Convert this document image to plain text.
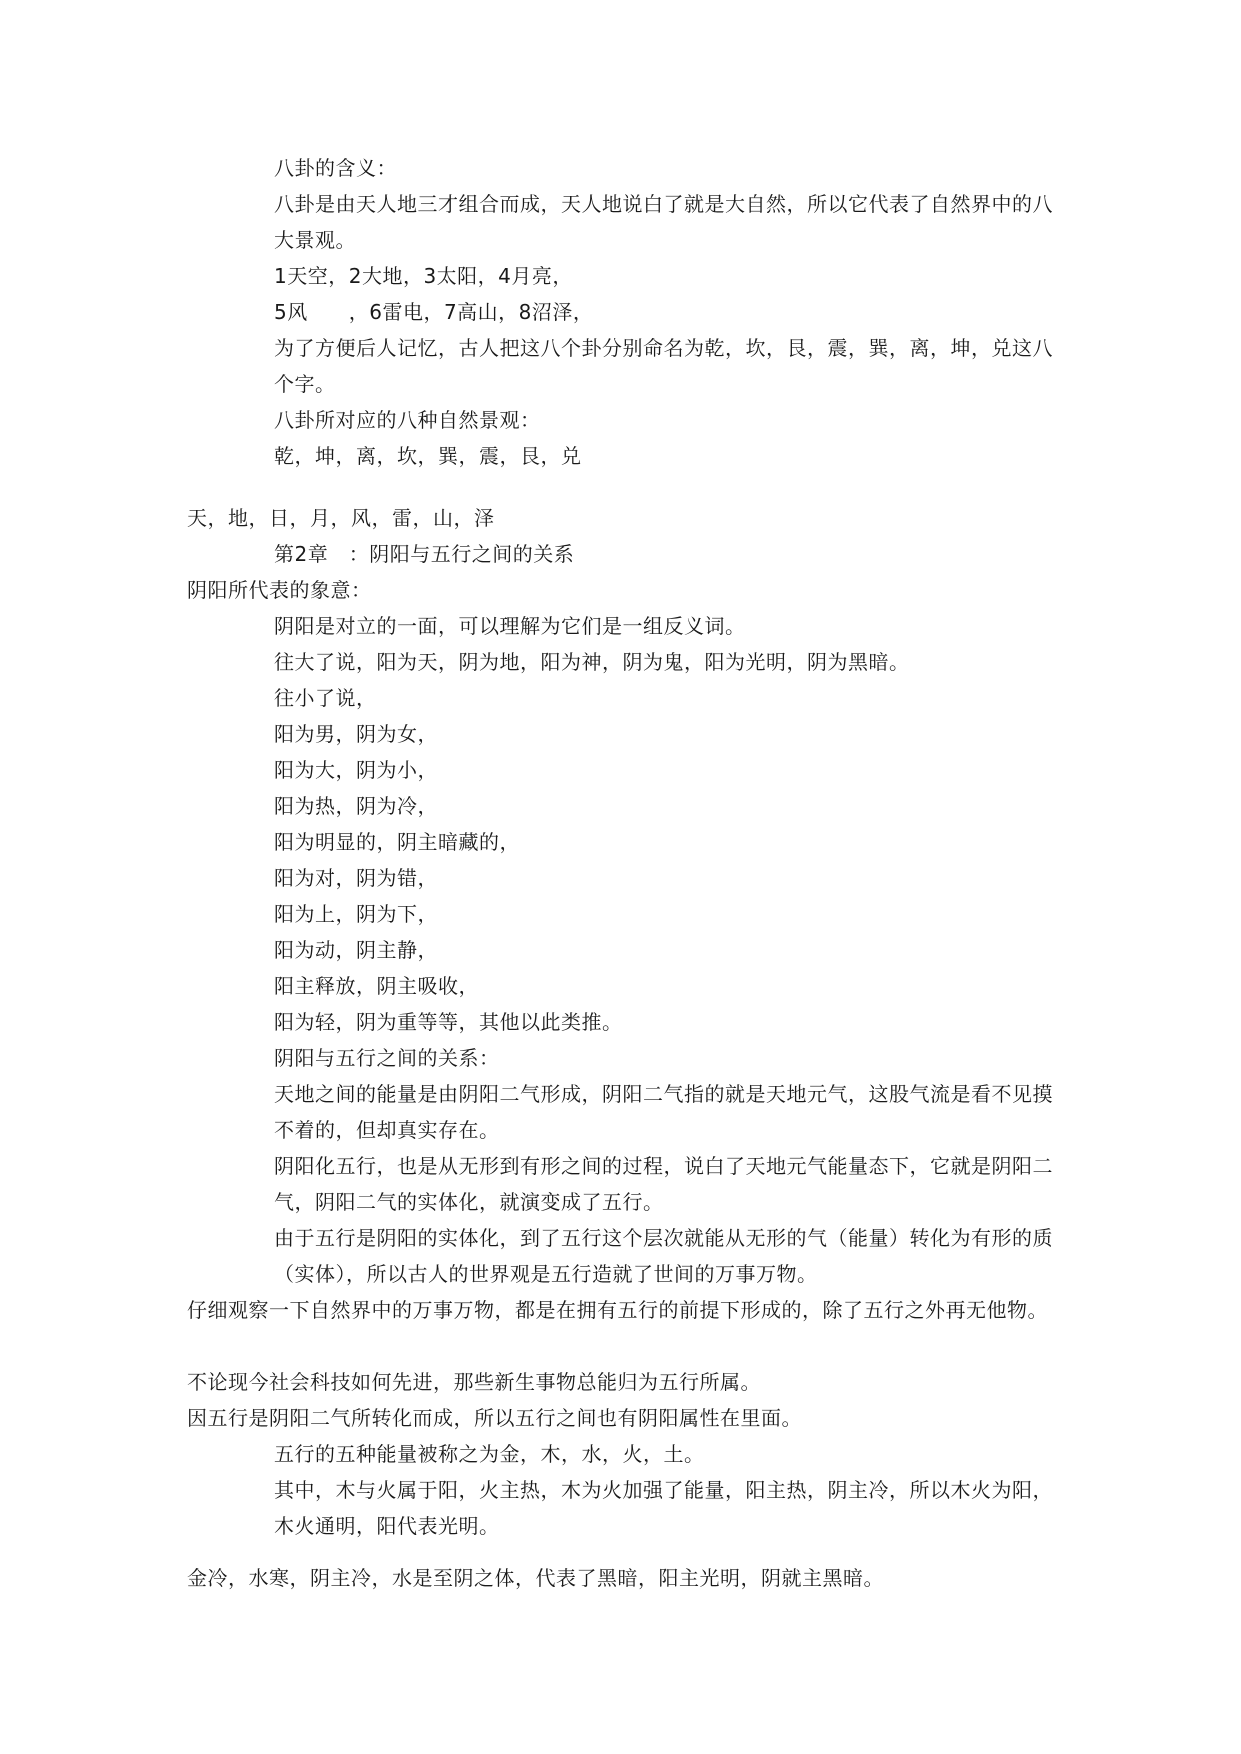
八卦的含义：
八卦是由天人地三才组合而成，天人地说白了就是大自然，所以它代表了自然界中的八大景观。
1天空，2大地，3太阳，4月亮，
5风　　，6雷电，7高山，8沼泽，
为了方便后人记忆，古人把这八个卦分别命名为乾，坎，艮，震，巽，离，坤，兑这八个字。
八卦所对应的八种自然景观：
乾，坤，离，坎，巽，震，艮，兑
天，地，日，月，风，雷，山，泽
第2章　：阴阳与五行之间的关系
阴阳所代表的象意：
阴阳是对立的一面，可以理解为它们是一组反义词。
往大了说，阳为天，阴为地，阳为神，阴为鬼，阳为光明，阴为黑暗。
往小了说，
阳为男，阴为女，
阳为大，阴为小，
阳为热，阴为冷，
阳为明显的，阴主暗藏的，
阳为对，阴为错，
阳为上，阴为下，
阳为动，阴主静，
阳主释放，阴主吸收，
阳为轻，阴为重等等，其他以此类推。
阴阳与五行之间的关系：
天地之间的能量是由阴阳二气形成，阴阳二气指的就是天地元气，这股气流是看不见摸不着的，但却真实存在。
阴阳化五行，也是从无形到有形之间的过程，说白了天地元气能量态下，它就是阴阳二气，阴阳二气的实体化，就演变成了五行。
由于五行是阴阳的实体化，到了五行这个层次就能从无形的气（能量）转化为有形的质（实体），所以古人的世界观是五行造就了世间的万事万物。
仔细观察一下自然界中的万事万物，都是在拥有五行的前提下形成的，除了五行之外再无他物。
不论现今社会科技如何先进，那些新生事物总能归为五行所属。
因五行是阴阳二气所转化而成，所以五行之间也有阴阳属性在里面。
五行的五种能量被称之为金，木，水，火，土。
其中，木与火属于阳，火主热，木为火加强了能量，阳主热，阴主冷，所以木火为阳，木火通明，阳代表光明。
金冷，水寒，阴主冷，水是至阴之体，代表了黑暗，阳主光明，阴就主黑暗。
